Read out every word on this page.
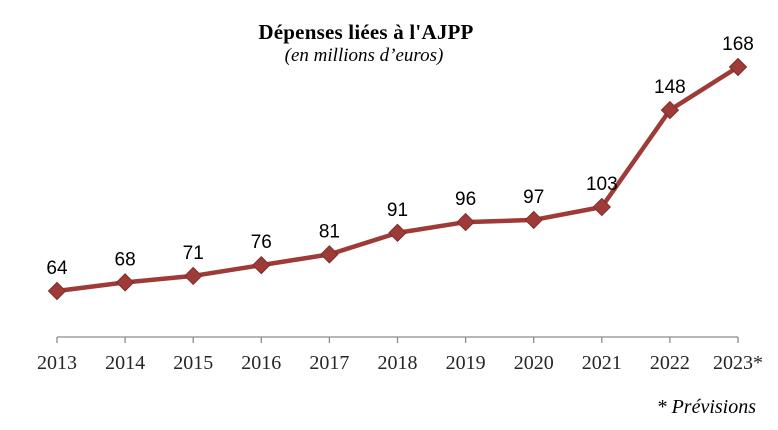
Dépenses liées à l'AJPP
(en millions d’euros)
2013 2014 2015 2016 2017 2018 2019 2020 2021 2022 2023*
64 68 71
76
81
91
96 97
103
148
168
* Prévisions
